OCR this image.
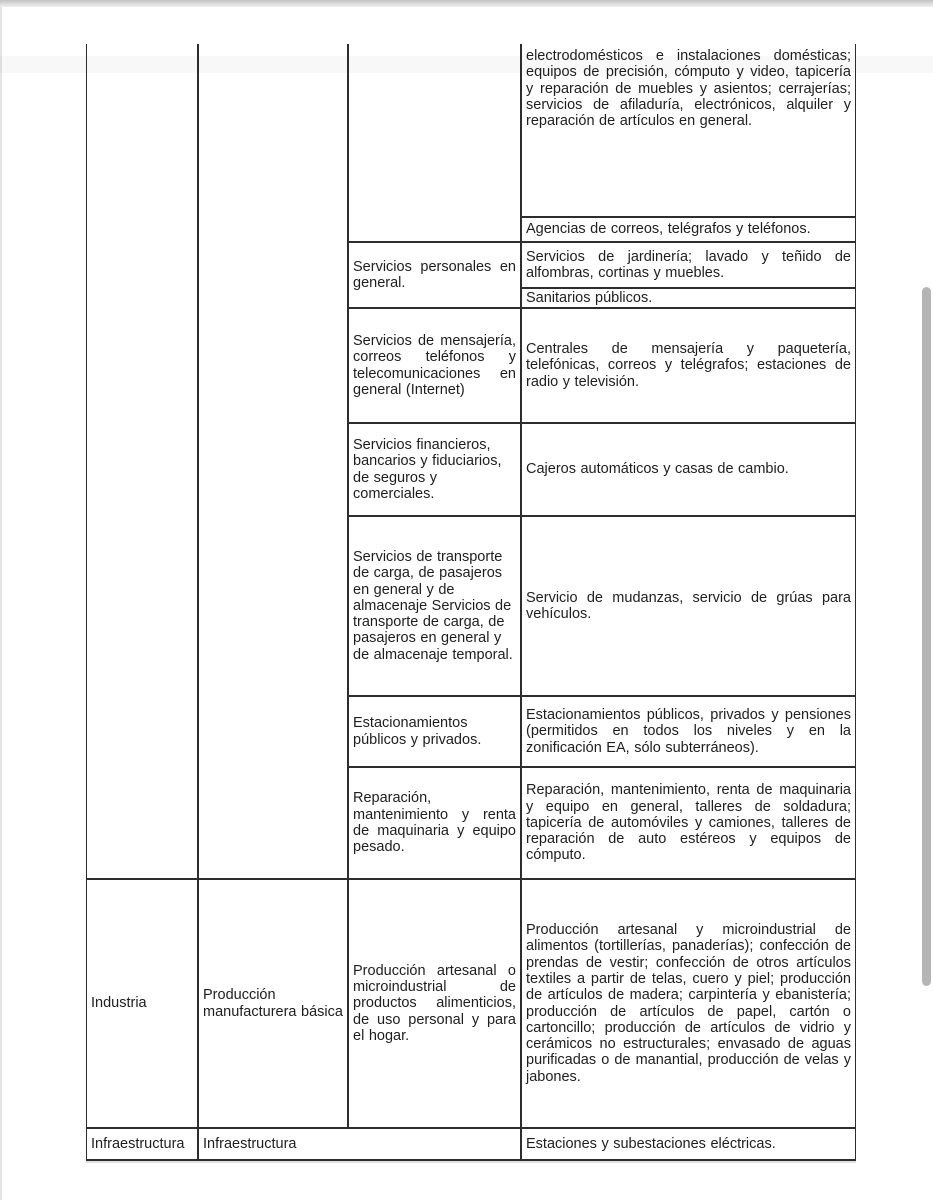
Industria
Infraestructura
Producción manufacturera básica
Infraestructura
Servicios personales en general.
Servicios de mensajería, correos teléfonos y telecomunicaciones en general (Internet)
Servicios financieros, bancarios y fiduciarios, de seguros y comerciales.
Servicios de transporte de carga, de pasajeros en general y de almacenaje Servicios de transporte de carga, de pasajeros en general y de almacenaje temporal.
Estacionamientos públicos y privados.
Reparación, mantenimiento y renta de maquinaria y equipo pesado.
Producción artesanal o microindustrial de productos alimenticios, de uso personal y para el hogar.
electrodomésticos e instalaciones domésticas; equipos de precisión, cómputo y video, tapicería y reparación de muebles y asientos; cerrajerías; servicios de afiladuría, electrónicos, alquiler y reparación de artículos en general.
Agencias de correos, telégrafos y teléfonos.
Servicios de jardinería; lavado y teñido de alfombras, cortinas y muebles.
Sanitarios públicos.
Centrales de mensajería y paquetería, telefónicas, correos y telégrafos; estaciones de radio y televisión.
Cajeros automáticos y casas de cambio.
Servicio de mudanzas, servicio de grúas para vehículos.
Estacionamientos públicos, privados y pensiones (permitidos en todos los niveles y en la zonificación EA, sólo subterráneos).
Reparación, mantenimiento, renta de maquinaria y equipo en general, talleres de soldadura; tapicería de automóviles y camiones, talleres de reparación de auto estéreos y equipos de cómputo.
Producción artesanal y microindustrial de alimentos (tortillerías, panaderías); confección de prendas de vestir; confección de otros artículos textiles a partir de telas, cuero y piel; producción de artículos de madera; carpintería y ebanistería; producción de artículos de papel, cartón o cartoncillo; producción de artículos de vidrio y cerámicos no estructurales; envasado de aguas purificadas o de manantial, producción de velas y jabones.
Estaciones y subestaciones eléctricas.
